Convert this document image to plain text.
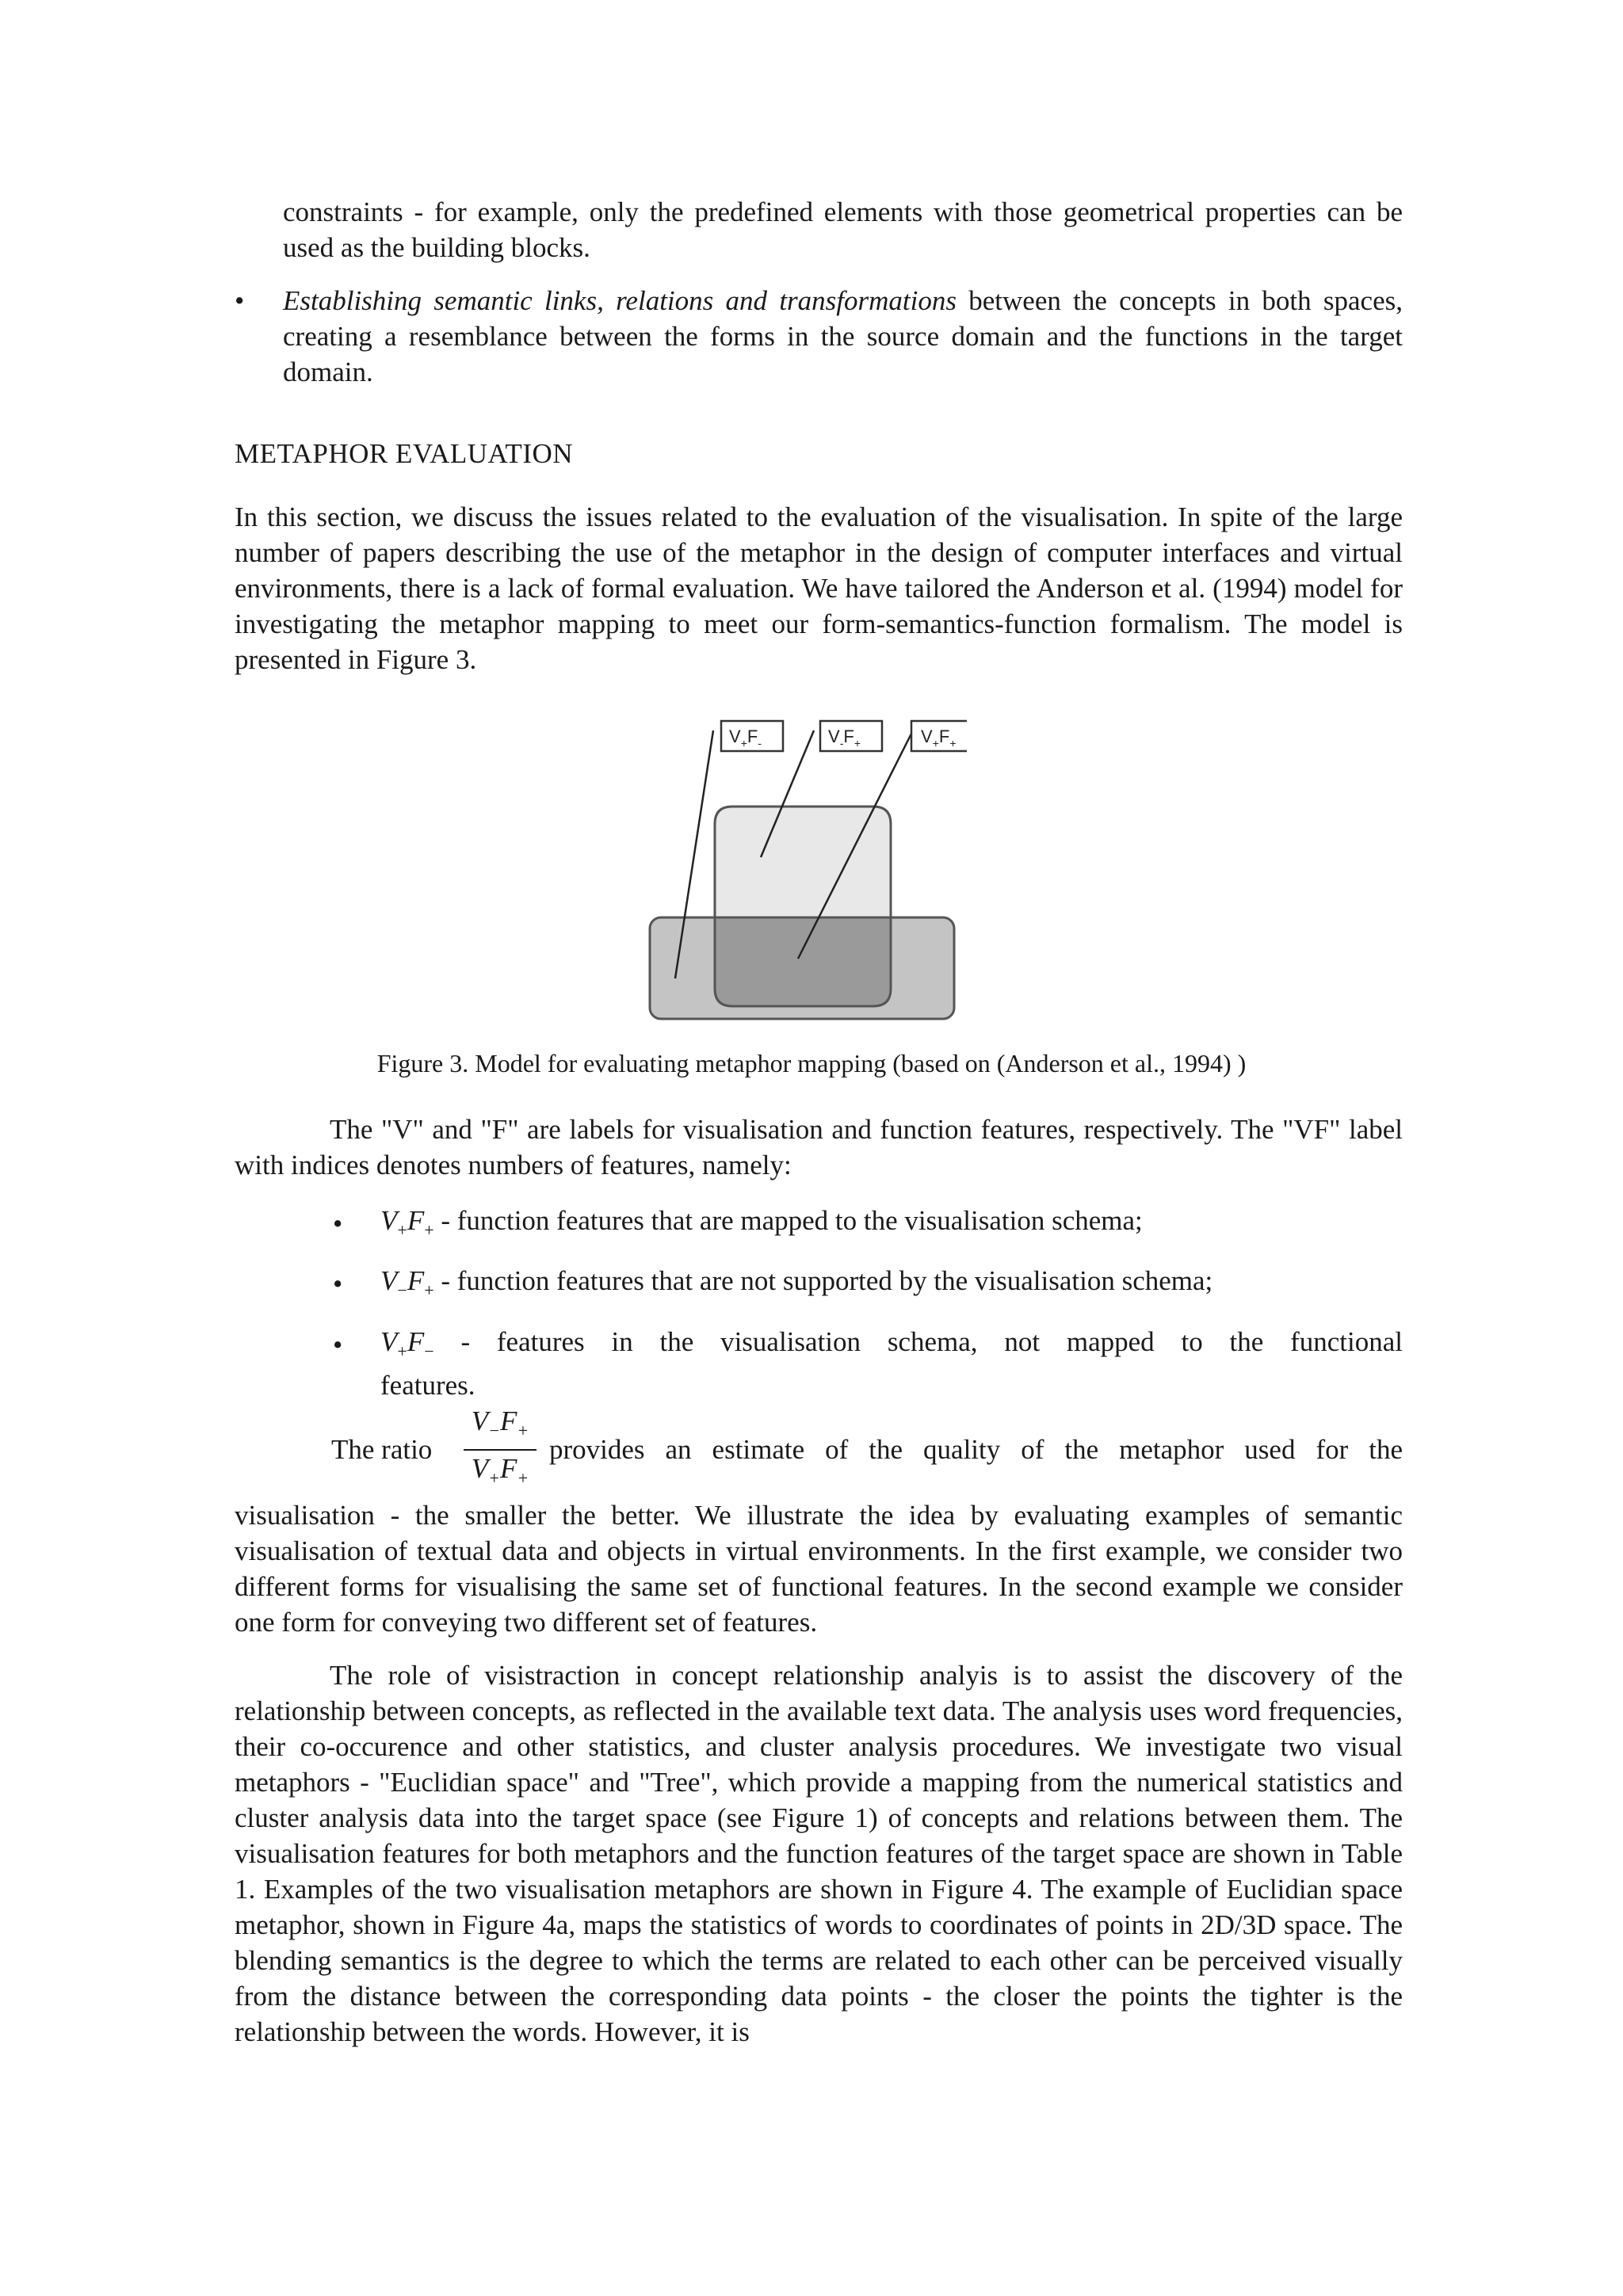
constraints - for example, only the predefined elements with those geometrical properties can be used as the building blocks.

• Establishing semantic links, relations and transformations between the concepts in both spaces, creating a resemblance between the forms in the source domain and the functions in the target domain.

METAPHOR EVALUATION

In this section, we discuss the issues related to the evaluation of the visualisation. In spite of the large number of papers describing the use of the metaphor in the design of computer interfaces and virtual environments, there is a lack of formal evaluation. We have tailored the Anderson et al. (1994) model for investigating the metaphor mapping to meet our form-semantics-function formalism. The model is presented in Figure 3.

$V_+F_-$	$V_-F_+$	$V_+F_+$
Figure 3. Model for evaluating metaphor mapping (based on (Anderson et al., 1994) )

The "V" and "F" are labels for visualisation and function features, respectively. The "VF" label with indices denotes numbers of features, namely:

• $V_+F_+$ - function features that are mapped to the visualisation schema;
• $V_-F_+$ - function features that are not supported by the visualisation schema;
• $V_+F_-$ - features in the visualisation schema, not mapped to the functional
features.
The ratio
$V_-F_+$
$V_+F_+$
provides an estimate of the quality of the metaphor used for the

visualisation - the smaller the better. We illustrate the idea by evaluating examples of semantic visualisation of textual data and objects in virtual environments. In the first example, we consider two different forms for visualising the same set of functional features. In the second example we consider one form for conveying two different set of features.

The role of visistraction in concept relationship analyis is to assist the discovery of the relationship between concepts, as reflected in the available text data. The analysis uses word frequencies, their co-occurence and other statistics, and cluster analysis procedures. We investigate two visual metaphors - "Euclidian space" and "Tree", which provide a mapping from the numerical statistics and cluster analysis data into the target space (see Figure 1) of concepts and relations between them. The visualisation features for both metaphors and the function features of the target space are shown in Table 1. Examples of the two visualisation metaphors are shown in Figure 4. The example of Euclidian space metaphor, shown in Figure 4a, maps the statistics of words to coordinates of points in 2D/3D space. The blending semantics is the degree to which the terms are related to each other can be perceived visually from the distance between the corresponding data points - the closer the points the tighter is the relationship between the words. However, it is
